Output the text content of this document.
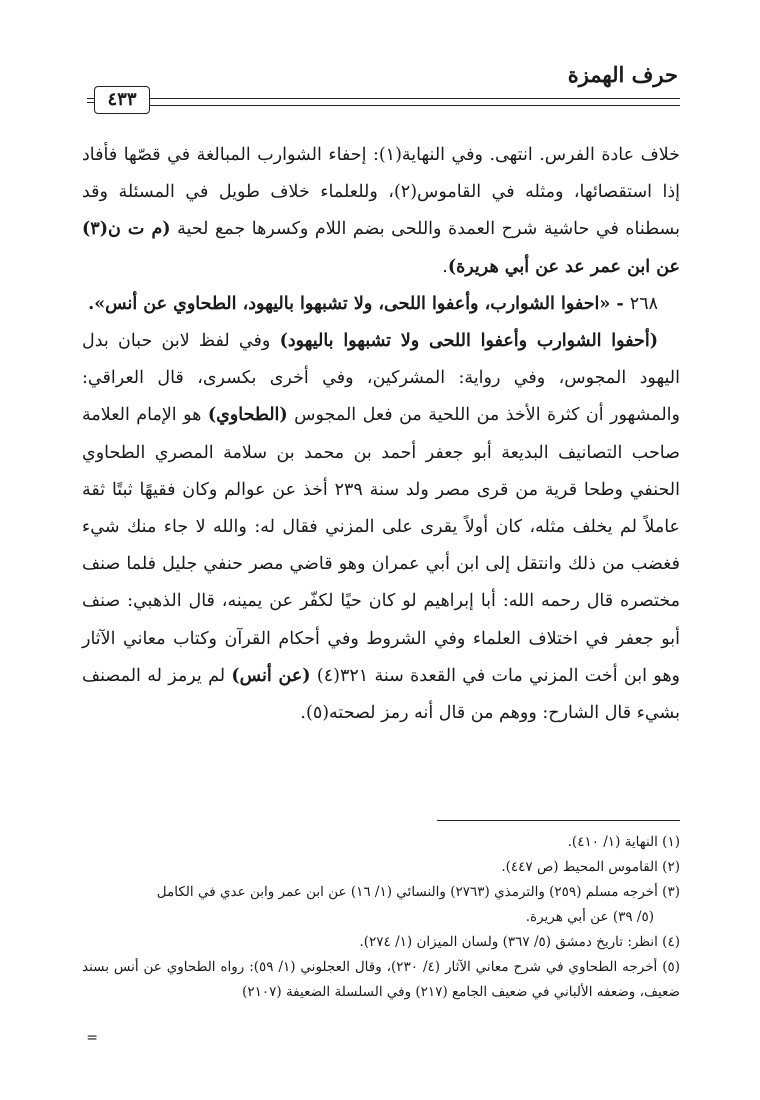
حرف الهمزة
٤٣٣

خلاف عادة الفرس. انتهى. وفي النهاية(١): إحفاء الشوارب المبالغة في قصّها فأفاد إذا استقصائها، ومثله في القاموس(٢)، وللعلماء خلاف طويل في المسئلة وقد بسطناه في حاشية شرح العمدة واللحى بضم اللام وكسرها جمع لحية (م ت ن(٣) عن ابن عمر عد عن أبي هريرة).

٢٦٨ - «احفوا الشوارب، وأعفوا اللحى، ولا تشبهوا باليهود، الطحاوي عن أنس».

(أحفوا الشوارب وأعفوا اللحى ولا تشبهوا باليهود) وفي لفظ لابن حبان بدل اليهود المجوس، وفي رواية: المشركين، وفي أخرى بكسرى، قال العراقي: والمشهور أن كثرة الأخذ من اللحية من فعل المجوس (الطحاوي) هو الإمام العلامة صاحب التصانيف البديعة أبو جعفر أحمد بن محمد بن سلامة المصري الطحاوي الحنفي وطحا قرية من قرى مصر ولد سنة ٢٣٩ أخذ عن عوالم وكان فقيهًا ثبتًا ثقة عاملاً لم يخلف مثله، كان أولاً يقرى على المزني فقال له: والله لا جاء منك شيء فغضب من ذلك وانتقل إلى ابن أبي عمران وهو قاضي مصر حنفي جليل فلما صنف مختصره قال رحمه الله: أبا إبراهيم لو كان حيًا لكفّر عن يمينه، قال الذهبي: صنف أبو جعفر في اختلاف العلماء وفي الشروط وفي أحكام القرآن وكتاب معاني الآثار وهو ابن أخت المزني مات في القعدة سنة ٣٢١(٤) (عن أنس) لم يرمز له المصنف بشيء قال الشارح: ووهم من قال أنه رمز لصحته(٥).

(١) النهاية (١/ ٤١٠).

(٢) القاموس المحيط (ص ٤٤٧).

(٣) أخرجه مسلم (٢٥٩) والترمذي (٢٧٦٣) والنسائي (١/ ١٦) عن ابن عمر وابن عدي في الكامل

(٥/ ٣٩) عن أبي هريرة.

(٤) انظر: تاريخ دمشق (٥/ ٣٦٧) ولسان الميزان (١/ ٢٧٤).

(٥) أخرجه الطحاوي في شرح معاني الآثار (٤/ ٢٣٠)، وقال العجلوني (١/ ٥٩): رواه الطحاوي عن أنس بسند ضعيف، وضعفه الألباني في ضعيف الجامع (٢١٧) وفي السلسلة الضعيفة (٢١٠٧)

=
